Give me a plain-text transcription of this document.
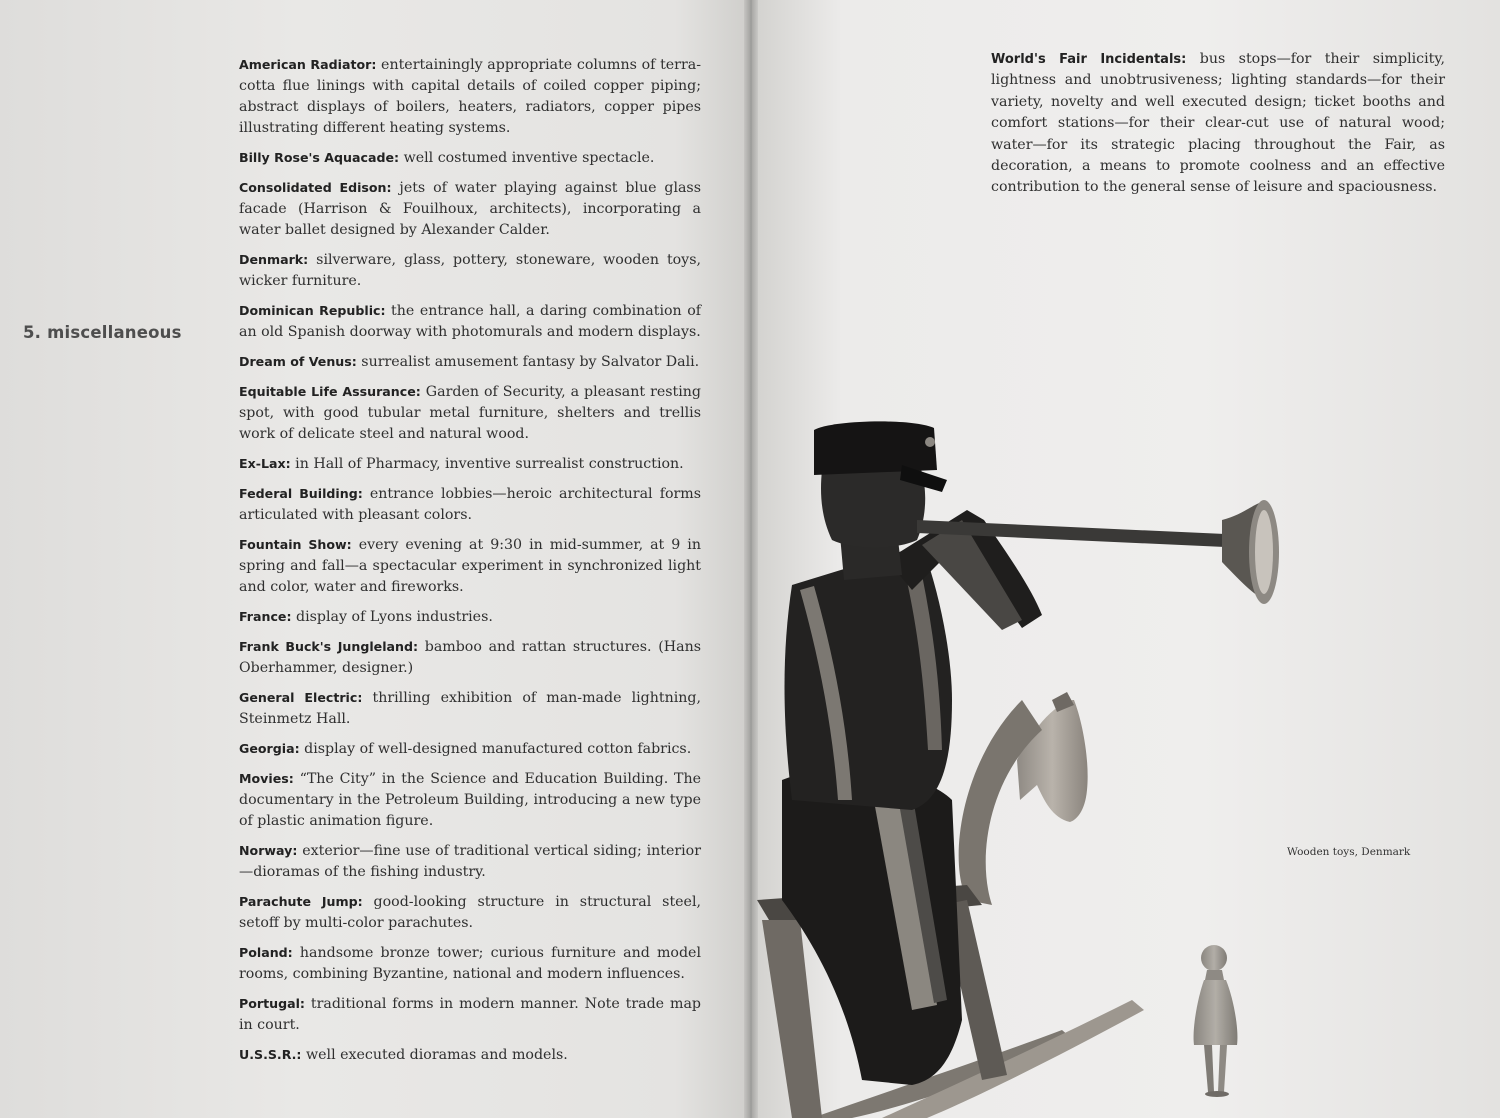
5. miscellaneous

American Radiator: entertainingly appropriate columns of terra-cotta flue linings with capital details of coiled copper piping; abstract displays of boilers, heaters, radiators, copper pipes illustrating different heating systems.

Billy Rose's Aquacade: well costumed inventive spectacle.

Consolidated Edison: jets of water playing against blue glass facade (Harrison & Fouilhoux, architects), incorporating a water ballet designed by Alexander Calder.

Denmark: silverware, glass, pottery, stoneware, wooden toys, wicker furniture.

Dominican Republic: the entrance hall, a daring combination of an old Spanish doorway with photomurals and modern displays.

Dream of Venus: surrealist amusement fantasy by Salvator Dali.

Equitable Life Assurance: Garden of Security, a pleasant resting spot, with good tubular metal furniture, shelters and trellis work of delicate steel and natural wood.

Ex-Lax: in Hall of Pharmacy, inventive surrealist construction.

Federal Building: entrance lobbies—heroic architectural forms articulated with pleasant colors.

Fountain Show: every evening at 9:30 in mid-summer, at 9 in spring and fall—a spectacular experiment in synchronized light and color, water and fireworks.

France: display of Lyons industries.

Frank Buck's Jungleland: bamboo and rattan structures. (Hans Oberhammer, designer.)

General Electric: thrilling exhibition of man-made lightning, Steinmetz Hall.

Georgia: display of well-designed manufactured cotton fabrics.

Movies: “The City” in the Science and Education Building. The documentary in the Petroleum Building, introducing a new type of plastic animation figure.

Norway: exterior—fine use of traditional vertical siding; interior—dioramas of the fishing industry.

Parachute Jump: good-looking structure in structural steel, setoff by multi-color parachutes.

Poland: handsome bronze tower; curious furniture and model rooms, combining Byzantine, national and modern influences.

Portugal: traditional forms in modern manner. Note trade map in court.

U.S.S.R.: well executed dioramas and models.

World's Fair Incidentals: bus stops—for their simplicity, lightness and unobtrusiveness; lighting standards—for their variety, novelty and well executed design; ticket booths and comfort stations—for their clear-cut use of natural wood; water—for its strategic placing throughout the Fair, as decoration, a means to promote coolness and an effective contribution to the general sense of leisure and spaciousness.

Wooden toys, Denmark
